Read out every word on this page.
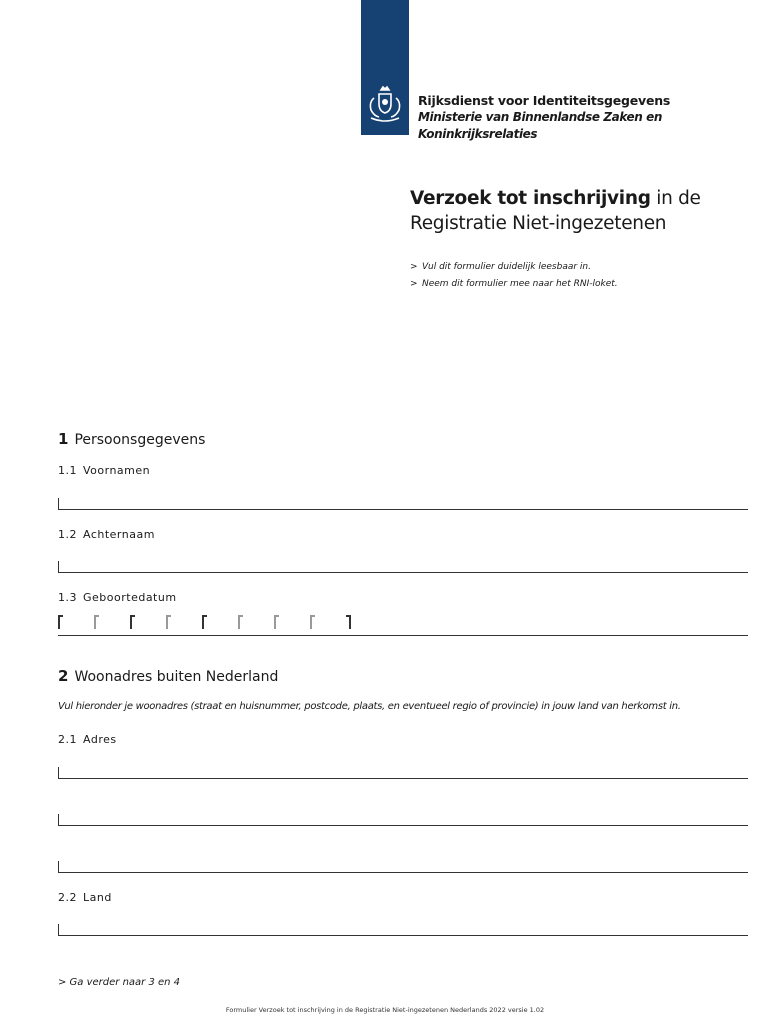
Rijksdienst voor Identiteitsgegevens
Ministerie van Binnenlandse Zaken en
Koninkrijksrelaties
Verzoek tot inschrijving in de
Registratie Niet-ingezetenen
> Vul dit formulier duidelijk leesbaar in.
> Neem dit formulier mee naar het RNI-loket.
1 Persoonsgegevens
1.1 Voornamen
1.2 Achternaam
1.3 Geboortedatum
2 Woonadres buiten Nederland
Vul hieronder je woonadres (straat en huisnummer, postcode, plaats, en eventueel regio of provincie) in jouw land van herkomst in.
2.1 Adres
2.2 Land
> Ga verder naar 3 en 4
Formulier Verzoek tot inschrijving in de Registratie Niet-ingezetenen Nederlands 2022 versie 1.02
